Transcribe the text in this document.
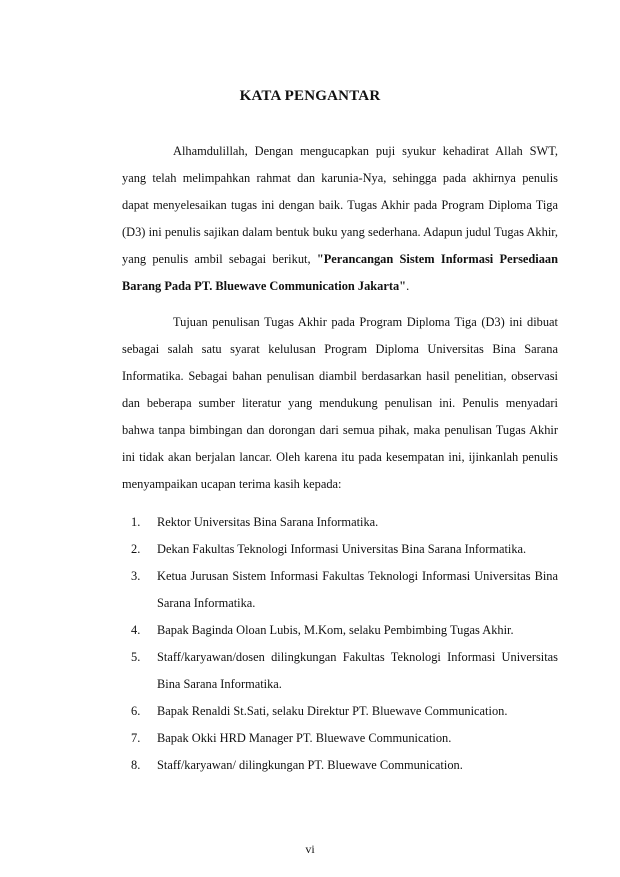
KATA PENGANTAR

Alhamdulillah, Dengan mengucapkan puji syukur kehadirat Allah SWT, yang telah melimpahkan rahmat dan karunia-Nya, sehingga pada akhirnya penulis dapat menyelesaikan tugas ini dengan baik. Tugas Akhir pada Program Diploma Tiga (D3) ini penulis sajikan dalam bentuk buku yang sederhana. Adapun judul Tugas Akhir, yang penulis ambil sebagai berikut, "Perancangan Sistem Informasi Persediaan Barang Pada PT. Bluewave Communication Jakarta".

Tujuan penulisan Tugas Akhir pada Program Diploma Tiga (D3) ini dibuat sebagai salah satu syarat kelulusan Program Diploma Universitas Bina Sarana Informatika. Sebagai bahan penulisan diambil berdasarkan hasil penelitian, observasi dan beberapa sumber literatur yang mendukung penulisan ini. Penulis menyadari bahwa tanpa bimbingan dan dorongan dari semua pihak, maka penulisan Tugas Akhir ini tidak akan berjalan lancar. Oleh karena itu pada kesempatan ini, ijinkanlah penulis menyampaikan ucapan terima kasih kepada:

1. Rektor Universitas Bina Sarana Informatika.
2. Dekan Fakultas Teknologi Informasi Universitas Bina Sarana Informatika.
3. Ketua Jurusan Sistem Informasi Fakultas Teknologi Informasi Universitas Bina Sarana Informatika.
4. Bapak Baginda Oloan Lubis, M.Kom, selaku Pembimbing Tugas Akhir.
5. Staff/karyawan/dosen dilingkungan Fakultas Teknologi Informasi Universitas Bina Sarana Informatika.
6. Bapak Renaldi St.Sati, selaku Direktur PT. Bluewave Communication.
7. Bapak Okki HRD Manager PT. Bluewave Communication.
8. Staff/karyawan/ dilingkungan PT. Bluewave Communication.

vi
